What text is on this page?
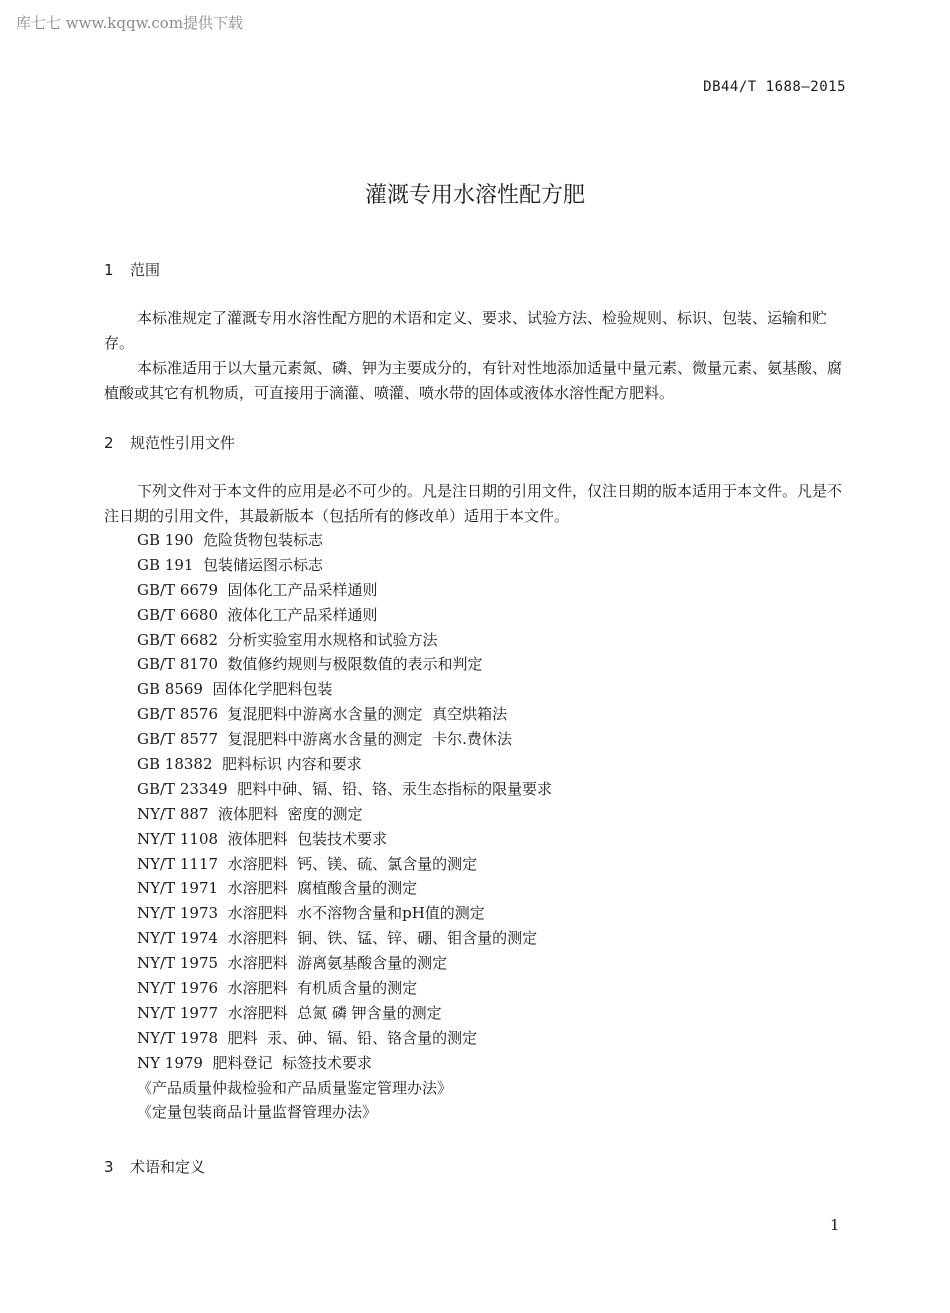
库七七 www.kqqw.com提供下载
DB44/T 1688—2015
灌溉专用水溶性配方肥
1 范围

本标准规定了灌溉专用水溶性配方肥的术语和定义、要求、试验方法、检验规则、标识、包装、运输和贮存。

本标准适用于以大量元素氮、磷、钾为主要成分的，有针对性地添加适量中量元素、微量元素、氨基酸、腐植酸或其它有机物质，可直接用于滴灌、喷灌、喷水带的固体或液体水溶性配方肥料。

2 规范性引用文件

下列文件对于本文件的应用是必不可少的。凡是注日期的引用文件，仅注日期的版本适用于本文件。凡是不注日期的引用文件，其最新版本（包括所有的修改单）适用于本文件。

GB 190  危险货物包装标志
GB 191  包装储运图示标志
GB/T 6679  固体化工产品采样通则
GB/T 6680  液体化工产品采样通则
GB/T 6682  分析实验室用水规格和试验方法
GB/T 8170  数值修约规则与极限数值的表示和判定
GB 8569  固体化学肥料包装
GB/T 8576  复混肥料中游离水含量的测定  真空烘箱法
GB/T 8577  复混肥料中游离水含量的测定  卡尔.费休法
GB 18382  肥料标识 内容和要求
GB/T 23349  肥料中砷、镉、铅、铬、汞生态指标的限量要求
NY/T 887  液体肥料  密度的测定
NY/T 1108  液体肥料  包装技术要求
NY/T 1117  水溶肥料  钙、镁、硫、氯含量的测定
NY/T 1971  水溶肥料  腐植酸含量的测定
NY/T 1973  水溶肥料  水不溶物含量和pH值的测定
NY/T 1974  水溶肥料  铜、铁、锰、锌、硼、钼含量的测定
NY/T 1975  水溶肥料  游离氨基酸含量的测定
NY/T 1976  水溶肥料  有机质含量的测定
NY/T 1977  水溶肥料  总氮 磷 钾含量的测定
NY/T 1978  肥料  汞、砷、镉、铅、铬含量的测定
NY 1979  肥料登记  标签技术要求
《产品质量仲裁检验和产品质量鉴定管理办法》
《定量包装商品计量监督管理办法》
3 术语和定义
1
